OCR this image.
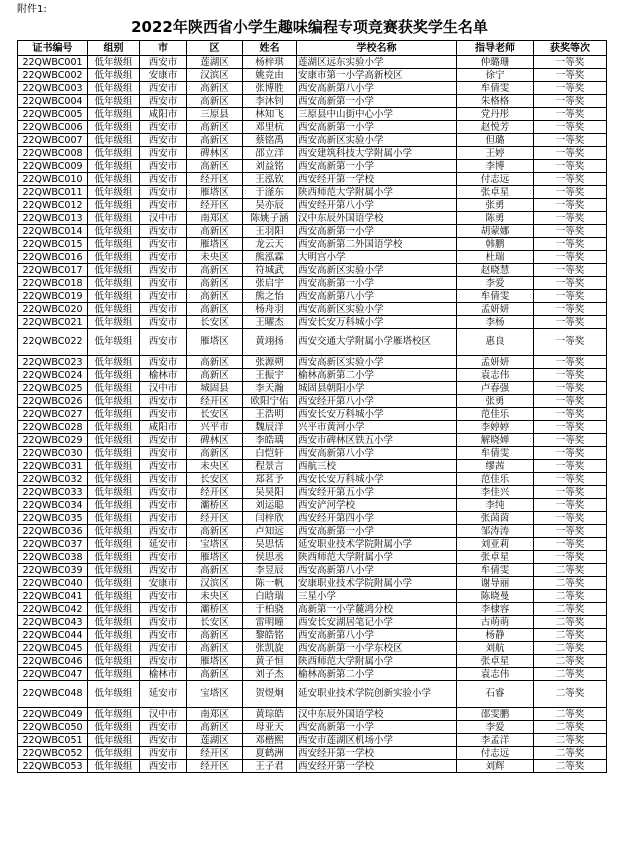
附件1:
2022年陕西省小学生趣味编程专项竞赛获奖学生名单
证书编号	组别	市	区	姓名	学校名称	指导老师	获奖等次
22QWBC001	低年级组	西安市	莲湖区	杨梓琪	莲湖区远东实验小学	仲璐珊	一等奖
22QWBC002	低年级组	安康市	汉滨区	姚竞由	安康市第一小学高新校区	徐宁	一等奖
22QWBC003	低年级组	西安市	高新区	张博胜	西安高新第八小学	牟倩雯	一等奖
22QWBC004	低年级组	西安市	高新区	李沐钊	西安高新第一小学	朱格格	一等奖
22QWBC005	低年级组	咸阳市	三原县	林知飞	三原县中山街中心小学	党丹彤	一等奖
22QWBC006	低年级组	西安市	高新区	邓里杭	西安高新第一小学	赵悦芳	一等奖
22QWBC007	低年级组	西安市	高新区	蔡铭禹	西安高新区实验小学	但璐	一等奖
22QWBC008	低年级组	西安市	碑林区	邵立洋	西安建筑科技大学附属小学	王婷	一等奖
22QWBC009	低年级组	西安市	高新区	刘益铭	西安高新第一小学	李博	一等奖
22QWBC010	低年级组	西安市	经开区	王泓钦	西安经开第一学校	付志远	一等奖
22QWBC011	低年级组	西安市	雁塔区	于滏东	陕西师范大学附属小学	张卓星	一等奖
22QWBC012	低年级组	西安市	经开区	吴亦辰	西安经开第八小学	张勇	一等奖
22QWBC013	低年级组	汉中市	南郑区	陈姚子涵	汉中东辰外国语学校	陈勇	一等奖
22QWBC014	低年级组	西安市	高新区	王羽阳	西安高新第一小学	胡蒙娜	一等奖
22QWBC015	低年级组	西安市	雁塔区	龙云天	西安高新第二外国语学校	韩鹏	一等奖
22QWBC016	低年级组	西安市	未央区	熊泓霖	大明宫小学	杜瑞	一等奖
22QWBC017	低年级组	西安市	高新区	符城武	西安高新区实验小学	赵晓慧	一等奖
22QWBC018	低年级组	西安市	高新区	张启宇	西安高新第一小学	李爱	一等奖
22QWBC019	低年级组	西安市	高新区	熊之怡	西安高新第八小学	牟倩雯	一等奖
22QWBC020	低年级组	西安市	高新区	杨舟羽	西安高新区实验小学	孟妍妍	一等奖
22QWBC021	低年级组	西安市	长安区	王曜杰	西安长安万科城小学	李杨	一等奖
22QWBC022	低年级组	西安市	雁塔区	黄翊扬	西安交通大学附属小学雁塔校区	惠良	一等奖
22QWBC023	低年级组	西安市	高新区	张源朔	西安高新区实验小学	孟妍妍	一等奖
22QWBC024	低年级组	榆林市	高新区	王振宇	榆林高新第二小学	袁志伟	一等奖
22QWBC025	低年级组	汉中市	城固县	李天瀚	城固县朝阳小学	卢春强	一等奖
22QWBC026	低年级组	西安市	经开区	欧阳宁佑	西安经开第八小学	张勇	一等奖
22QWBC027	低年级组	西安市	长安区	王浩明	西安长安万科城小学	范佳乐	一等奖
22QWBC028	低年级组	咸阳市	兴平市	魏辰洋	兴平市黄河小学	李婷婷	一等奖
22QWBC029	低年级组	西安市	碑林区	李皓瑀	西安市碑林区铁五小学	解晓婵	一等奖
22QWBC030	低年级组	西安市	高新区	白恺轩	西安高新第八小学	牟倩雯	一等奖
22QWBC031	低年级组	西安市	未央区	程景言	西航三校	缪茜	一等奖
22QWBC032	低年级组	西安市	长安区	郑茗予	西安长安万科城小学	范佳乐	一等奖
22QWBC033	低年级组	西安市	经开区	吴昊阳	西安经开第五小学	李佳兴	一等奖
22QWBC034	低年级组	西安市	灞桥区	刘运聪	西安浐河学校	李纯	一等奖
22QWBC035	低年级组	西安市	经开区	闫梓欣	西安经开第四小学	张茵茵	一等奖
22QWBC036	低年级组	西安市	高新区	卢知远	西安高新第一小学	邹涛涛	一等奖
22QWBC037	低年级组	延安市	宝塔区	吴思恬	延安职业技术学院附属小学	刘亚莉	一等奖
22QWBC038	低年级组	西安市	雁塔区	侯思丞	陕西师范大学附属小学	张卓星	一等奖
22QWBC039	低年级组	西安市	高新区	李昱辰	西安高新第八小学	牟倩雯	二等奖
22QWBC040	低年级组	安康市	汉滨区	陈一帆	安康职业技术学院附属小学	谢导丽	二等奖
22QWBC041	低年级组	西安市	未央区	白晗瑞	三星小学	陈晓曼	二等奖
22QWBC042	低年级组	西安市	灞桥区	于柏骁	高新第一小学麓鸿分校	李棣容	二等奖
22QWBC043	低年级组	西安市	长安区	雷明曈	西安长安湖居笔记小学	古萌萌	二等奖
22QWBC044	低年级组	西安市	高新区	黎皓铭	西安高新第八小学	杨静	二等奖
22QWBC045	低年级组	西安市	高新区	张凯旋	西安高新第一小学东校区	刘航	二等奖
22QWBC046	低年级组	西安市	雁塔区	黄子恒	陕西师范大学附属小学	张卓星	二等奖
22QWBC047	低年级组	榆林市	高新区	刘子杰	榆林高新第二小学	袁志伟	二等奖
22QWBC048	低年级组	延安市	宝塔区	贺煜炯	延安职业技术学院创新实验小学	石睿	二等奖
22QWBC049	低年级组	汉中市	南郑区	黄琮皓	汉中东辰外国语学校	邵雯鹏	二等奖
22QWBC050	低年级组	西安市	高新区	母亚天	西安高新第一小学	李爱	二等奖
22QWBC051	低年级组	西安市	莲湖区	邓楷熙	西安市莲湖区机场小学	李孟洋	二等奖
22QWBC052	低年级组	西安市	经开区	夏鹤洲	西安经开第一学校	付志远	二等奖
22QWBC053	低年级组	西安市	经开区	王子君	西安经开第一学校	刘辉	二等奖
